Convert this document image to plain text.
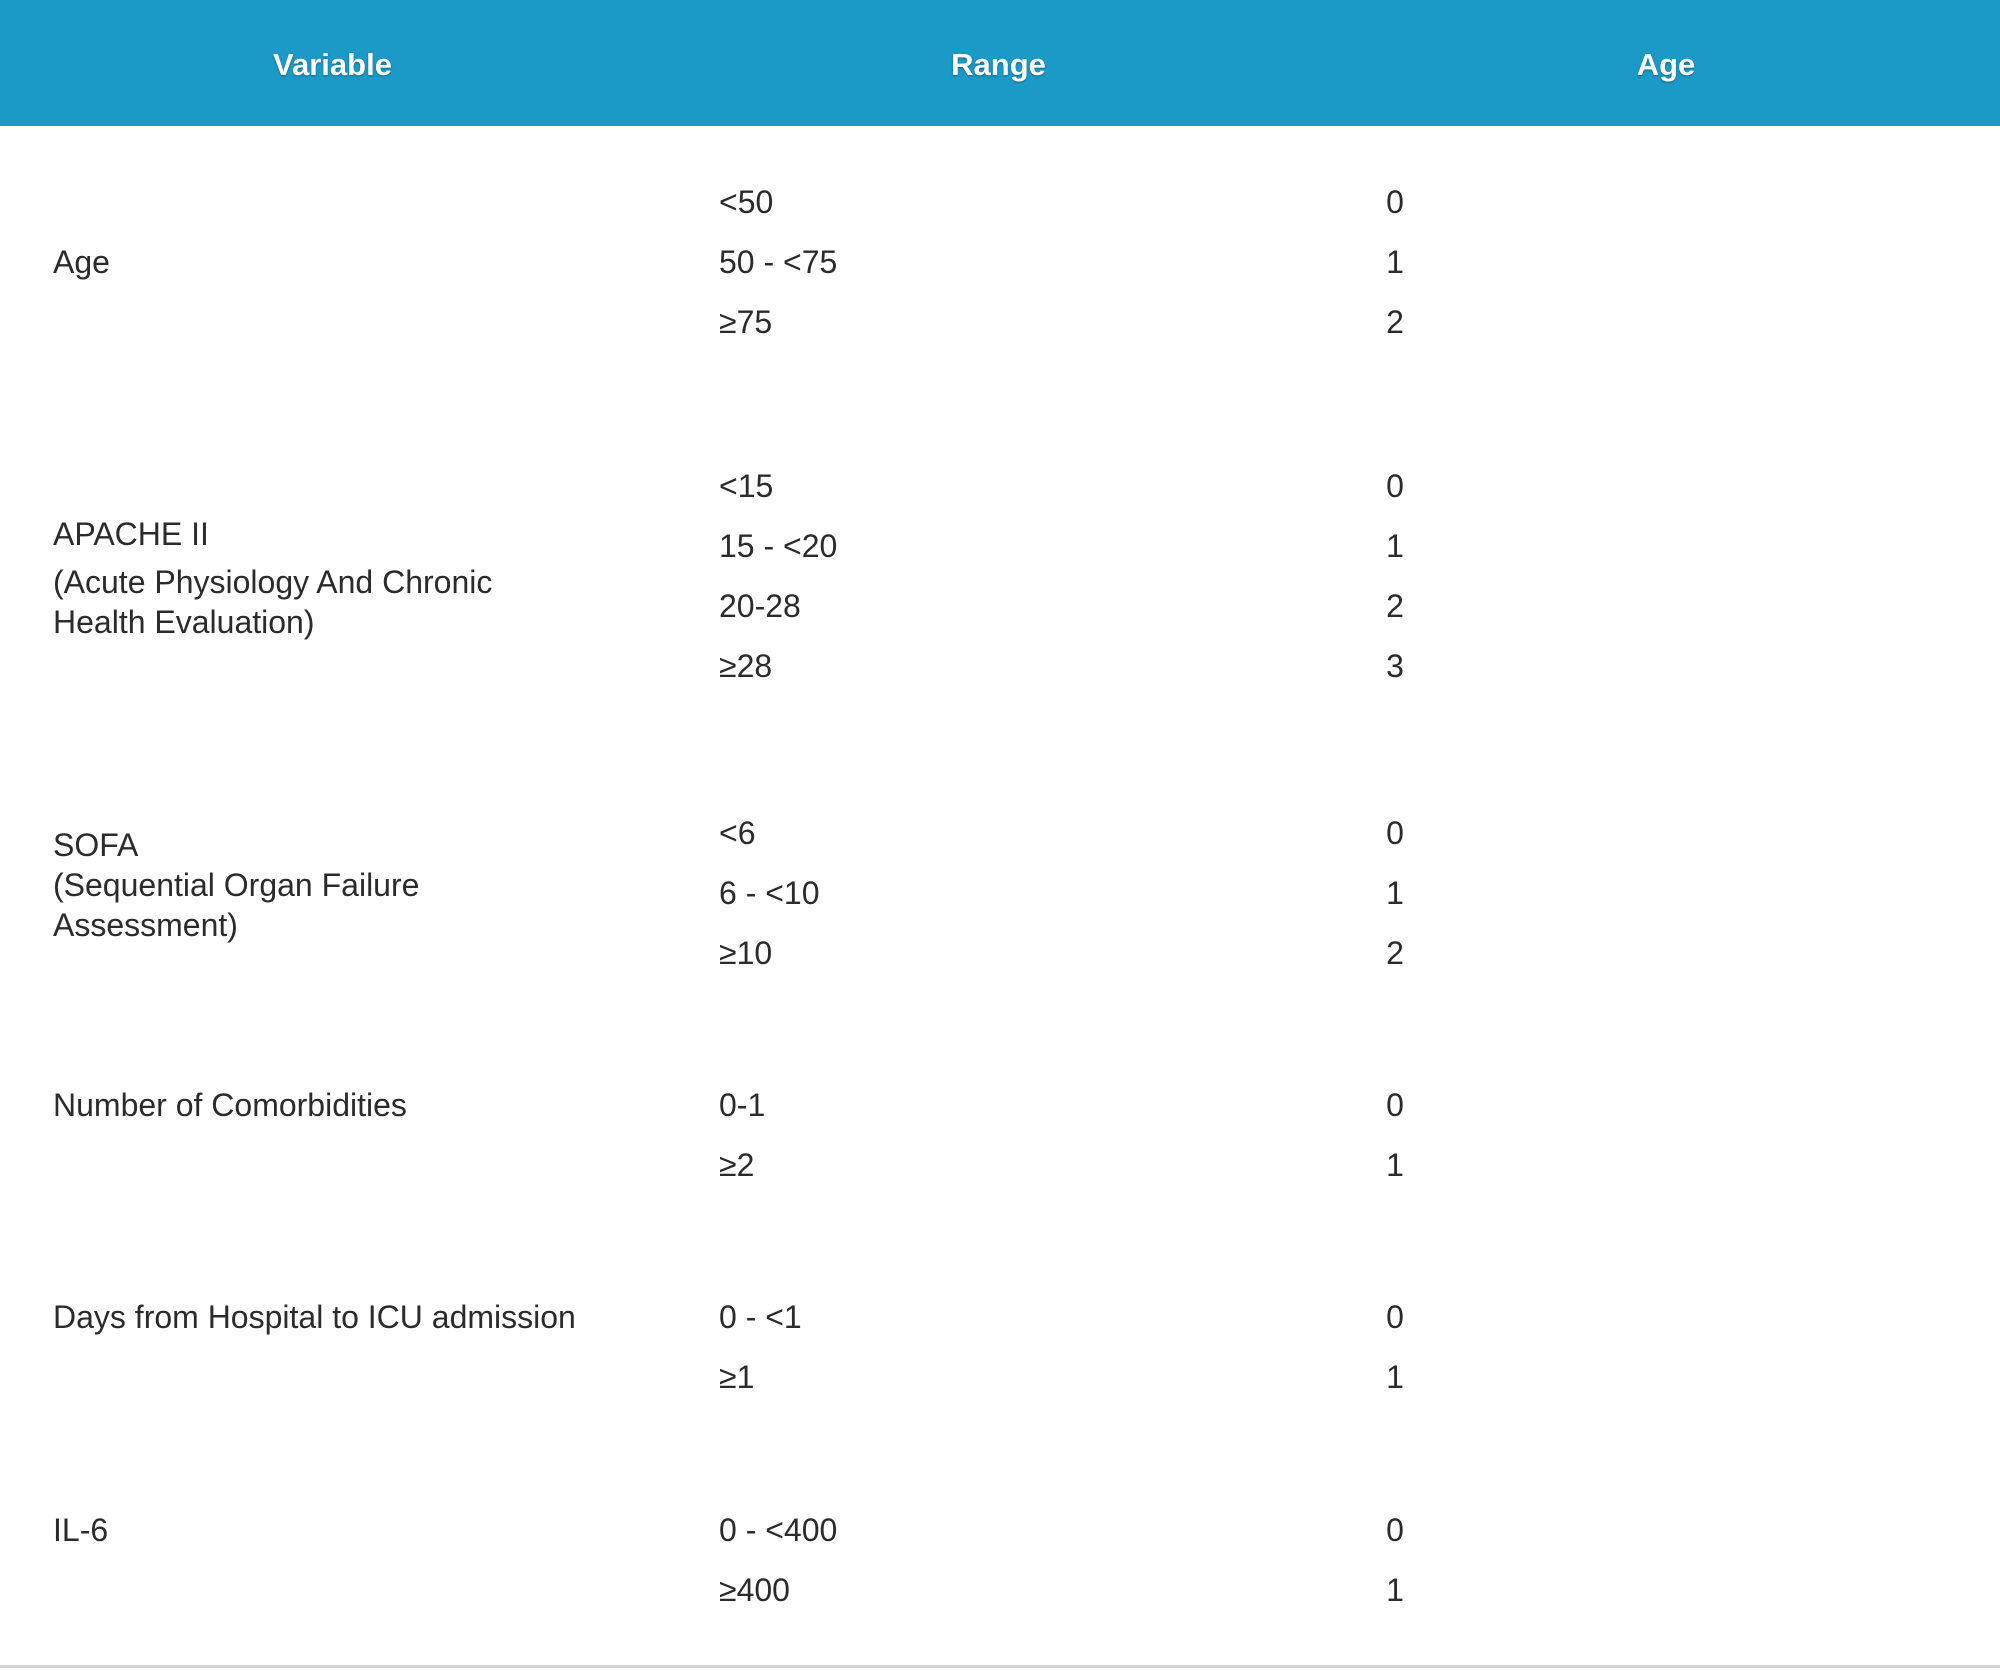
Variable	Range	Age
Age
<50	0
50 - <75	1
≥75	2
APACHE II
(Acute Physiology And Chronic Health Evaluation)
<15	0
15 - <20	1
20-28	2
≥28	3
SOFA
(Sequential Organ Failure Assessment)
<6	0
6 - <10	1
≥10	2
Number of Comorbidities	0-1	0
≥2	1
Days from Hospital to ICU admission	0 - <1	0
≥1	1
IL-6	0 - <400	0
≥400	1
